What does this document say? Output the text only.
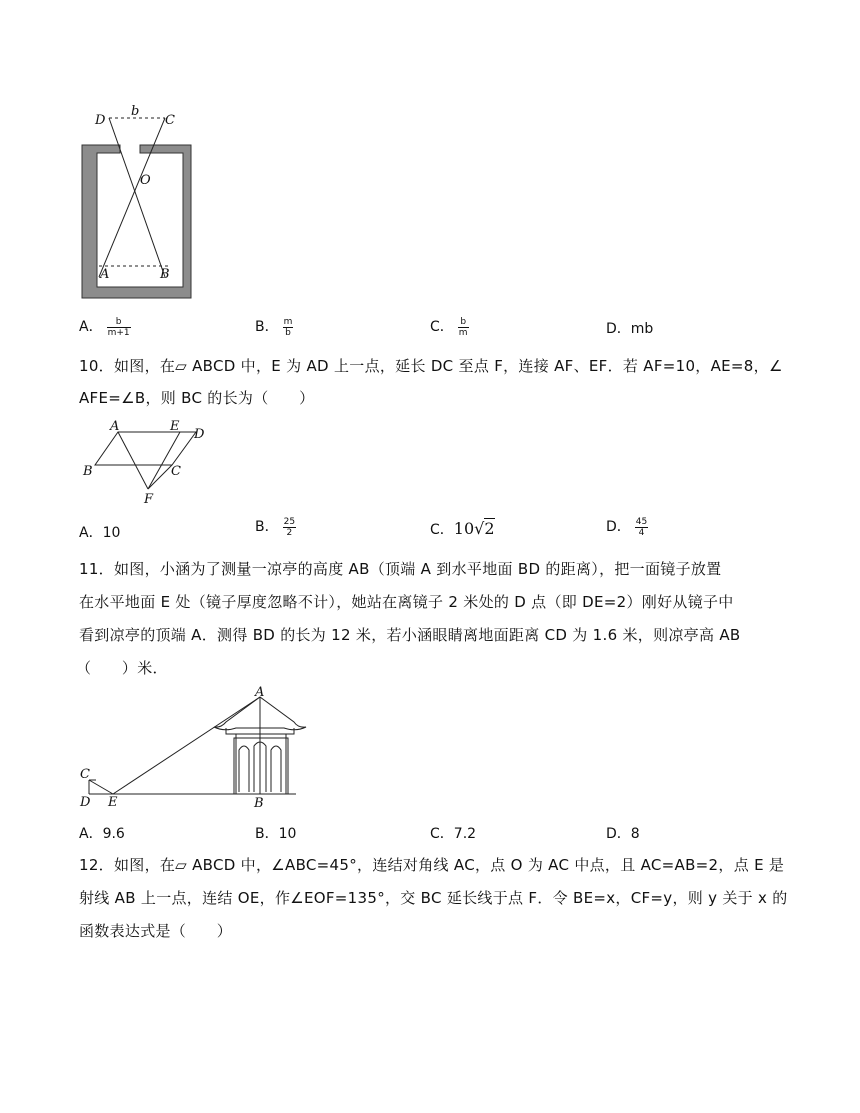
D	C
b
O
A	B
A． $\frac{b}{m+1}$	B． $\frac{m}{b}$	C． $\frac{b}{m}$	D．mb
10．如图，在▱ ABCD 中，E 为 AD 上一点，延长 DC 至点 F，连接 AF、EF．若 AF=10，AE=8，∠
AFE=∠B，则 BC 的长为（　　）
A	E
D
B	C
F
A．10	B． $\frac{25}{2}$	C．10√2	D． $\frac{45}{4}$
11．如图，小涵为了测量一凉亭的高度 AB（顶端 A 到水平地面 BD 的距离），把一面镜子放置
在水平地面 E 处（镜子厚度忽略不计），她站在离镜子 2 米处的 D 点（即 DE=2）刚好从镜子中
看到凉亭的顶端 A．测得 BD 的长为 12 米，若小涵眼睛离地面距离 CD 为 1.6 米，则凉亭高 AB
（　　）米．
A
C
D E	B
A．9.6	B．10	C．7.2	D．8
12．如图，在▱ ABCD 中，∠ABC=45°，连结对角线 AC，点 O 为 AC 中点，且 AC=AB=2，点 E 是
射线 AB 上一点，连结 OE，作∠EOF=135°，交 BC 延长线于点 F．令 BE=x，CF=y，则 y 关于 x 的
函数表达式是（　　）
